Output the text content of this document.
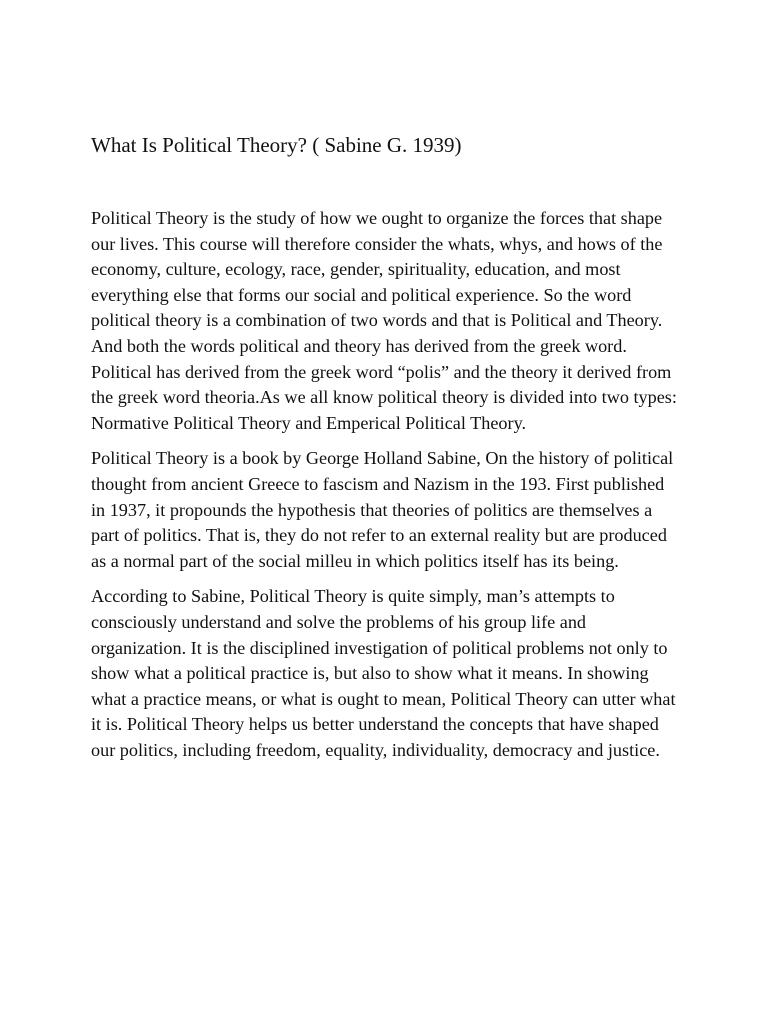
What Is Political Theory? ( Sabine G. 1939)

Political Theory is the study of how we ought to organize the forces that shape our lives. This course will therefore consider the whats, whys, and hows of the economy, culture, ecology, race, gender, spirituality, education, and most everything else that forms our social and political experience. So the word political theory is a combination of two words and that is Political and Theory. And both the words political and theory has derived from the greek word. Political has derived from the greek word “polis” and the theory it derived from the greek word theoria.As we all know political theory is divided into two types: Normative Political Theory and Emperical Political Theory.

Political Theory is a book by George Holland Sabine, On the history of political thought from ancient Greece to fascism and Nazism in the 193. First published in 1937, it propounds the hypothesis that theories of politics are themselves a part of politics. That is, they do not refer to an external reality but are produced as a normal part of the social milleu in which politics itself has its being.

According to Sabine, Political Theory is quite simply, man’s attempts to consciously understand and solve the problems of his group life and organization. It is the disciplined investigation of political problems not only to show what a political practice is, but also to show what it means. In showing what a practice means, or what is ought to mean, Political Theory can utter what it is. Political Theory helps us better understand the concepts that have shaped our politics, including freedom, equality, individuality, democracy and justice.
